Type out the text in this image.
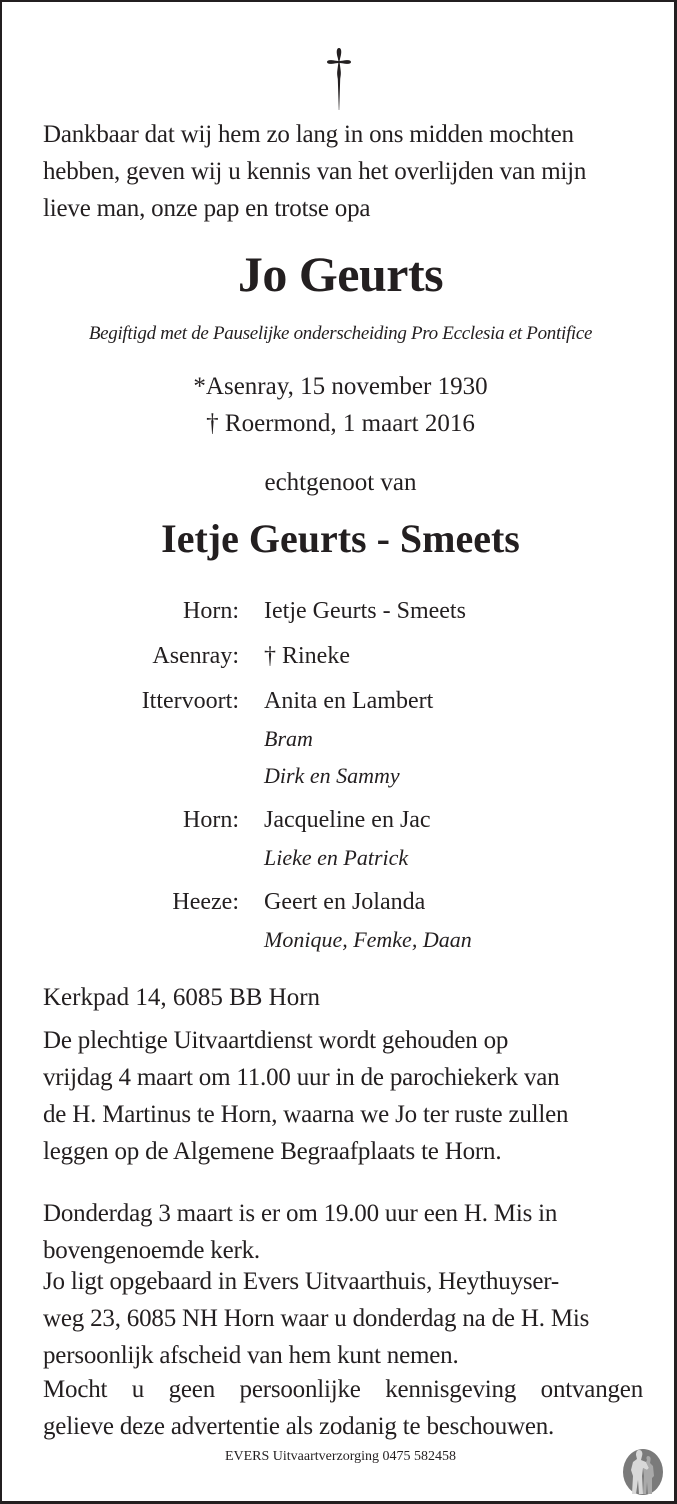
Dankbaar dat wij hem zo lang in ons midden mochten
hebben, geven wij u kennis van het overlijden van mijn
lieve man, onze pap en trotse opa
Jo Geurts
Begiftigd met de Pauselijke onderscheiding Pro Ecclesia et Pontifice
*Asenray, 15 november 1930
† Roermond, 1 maart 2016
echtgenoot van
Ietje Geurts - Smeets
Horn:	Ietje Geurts - Smeets
Asenray:	† Rineke
Ittervoort:	Anita en Lambert
Bram
Dirk en Sammy
Horn:	Jacqueline en Jac
Lieke en Patrick
Heeze:	Geert en Jolanda
Monique, Femke, Daan
Kerkpad 14, 6085 BB Horn
De plechtige Uitvaartdienst wordt gehouden op
vrijdag 4 maart om 11.00 uur in de parochiekerk van
de H. Martinus te Horn, waarna we Jo ter ruste zullen
leggen op de Algemene Begraafplaats te Horn.
Donderdag 3 maart is er om 19.00 uur een H. Mis in
bovengenoemde kerk.
Jo ligt opgebaard in Evers Uitvaarthuis, Heythuyser-
weg 23, 6085 NH Horn waar u donderdag na de H. Mis
persoonlijk afscheid van hem kunt nemen.
Mocht u geen persoonlijke kennisgeving ontvangen
gelieve deze advertentie als zodanig te beschouwen.
EVERS Uitvaartverzorging 0475 582458
